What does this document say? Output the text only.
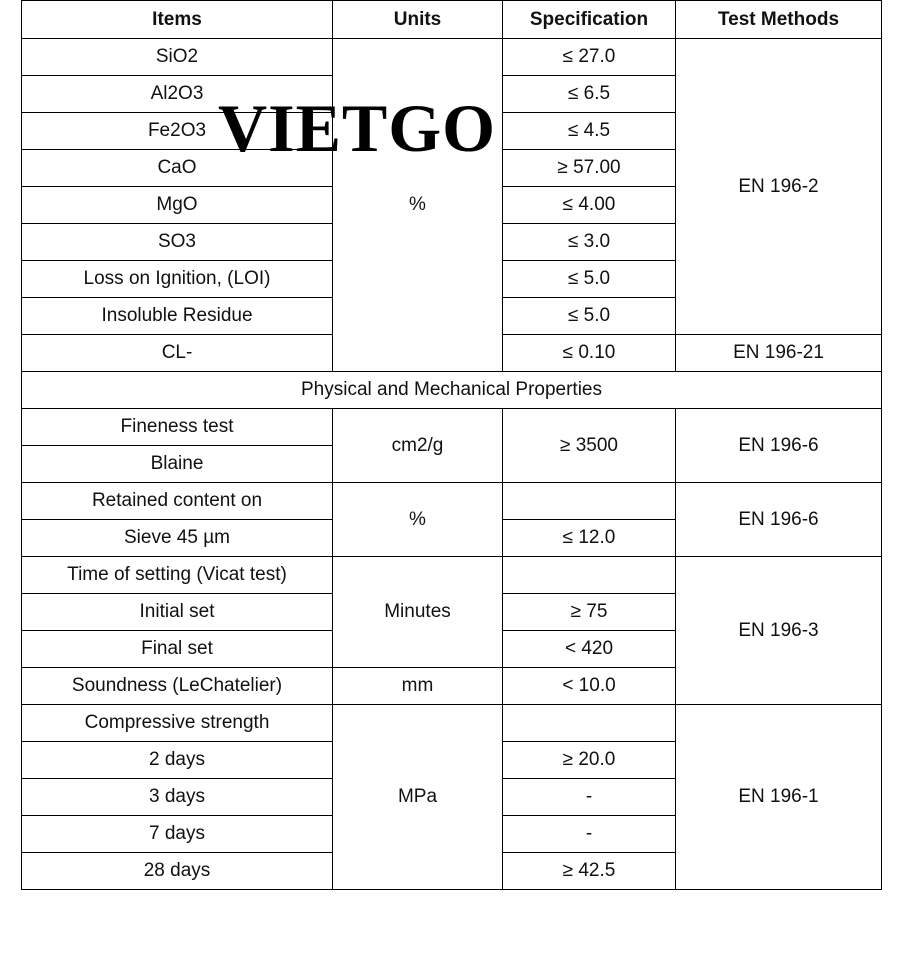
Items	Units	Specification	Test Methods
SiO2	%	≤ 27.0	EN 196-2
Al2O3		≤ 6.5	
Fe2O3		≤ 4.5	
CaO		≥ 57.00	
MgO		≤ 4.00	
SO3		≤ 3.0	
Loss on Ignition, (LOI)		≤ 5.0	
Insoluble Residue		≤ 5.0	
CL-		≤ 0.10	EN 196-21
Physical and Mechanical Properties			
Fineness test	cm2/g	≥ 3500	EN 196-6
Blaine			
Retained content on	%		EN 196-6
Sieve 45 µm		≤ 12.0	
Time of setting (Vicat test)	Minutes		EN 196-3
Initial set		≥ 75	
Final set		< 420	
Soundness (LeChatelier)	mm	< 10.0	
Compressive strength	MPa		EN 196-1
2 days		≥ 20.0	
3 days		-	
7 days		-	
28 days		≥ 42.5	
VIETGO
